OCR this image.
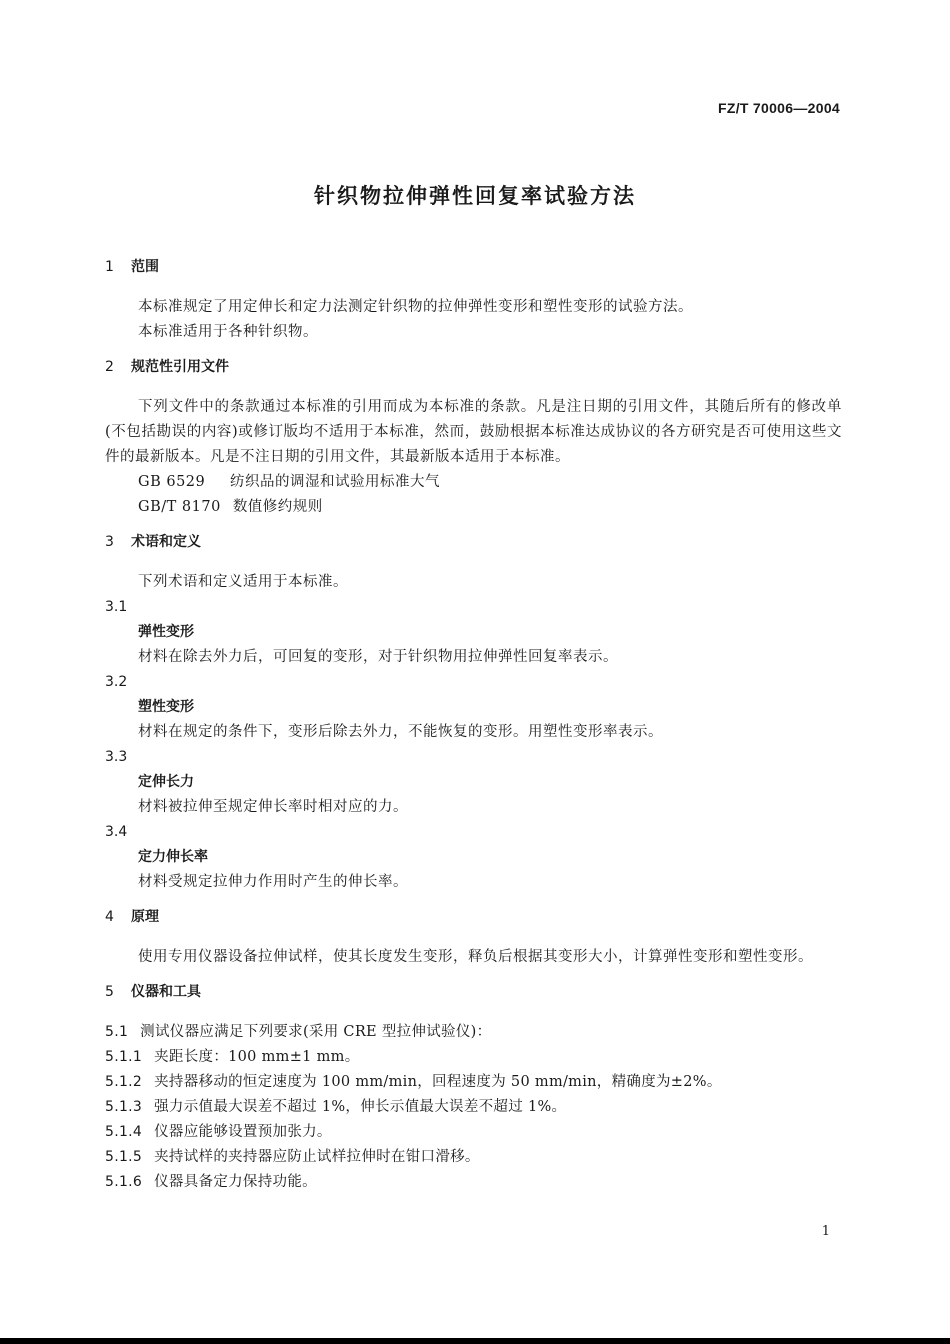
FZ/T 70006—2004
针织物拉伸弹性回复率试验方法
1 范围
本标准规定了用定伸长和定力法测定针织物的拉伸弹性变形和塑性变形的试验方法。
本标准适用于各种针织物。
2 规范性引用文件
下列文件中的条款通过本标准的引用而成为本标准的条款。凡是注日期的引用文件，其随后所有的修改单(不包括勘误的内容)或修订版均不适用于本标准，然而，鼓励根据本标准达成协议的各方研究是否可使用这些文件的最新版本。凡是不注日期的引用文件，其最新版本适用于本标准。
GB 6529 纺织品的调湿和试验用标准大气
GB/T 8170 数值修约规则
3 术语和定义
下列术语和定义适用于本标准。
3.1
弹性变形
材料在除去外力后，可回复的变形，对于针织物用拉伸弹性回复率表示。
3.2
塑性变形
材料在规定的条件下，变形后除去外力，不能恢复的变形。用塑性变形率表示。
3.3
定伸长力
材料被拉伸至规定伸长率时相对应的力。
3.4
定力伸长率
材料受规定拉伸力作用时产生的伸长率。
4 原理
使用专用仪器设备拉伸试样，使其长度发生变形，释负后根据其变形大小，计算弹性变形和塑性变形。
5 仪器和工具
5.1 测试仪器应满足下列要求(采用 CRE 型拉伸试验仪)：
5.1.1 夹距长度：100 mm±1 mm。
5.1.2 夹持器移动的恒定速度为 100 mm/min，回程速度为 50 mm/min，精确度为±2%。
5.1.3 强力示值最大误差不超过 1%，伸长示值最大误差不超过 1%。
5.1.4 仪器应能够设置预加张力。
5.1.5 夹持试样的夹持器应防止试样拉伸时在钳口滑移。
5.1.6 仪器具备定力保持功能。
1
